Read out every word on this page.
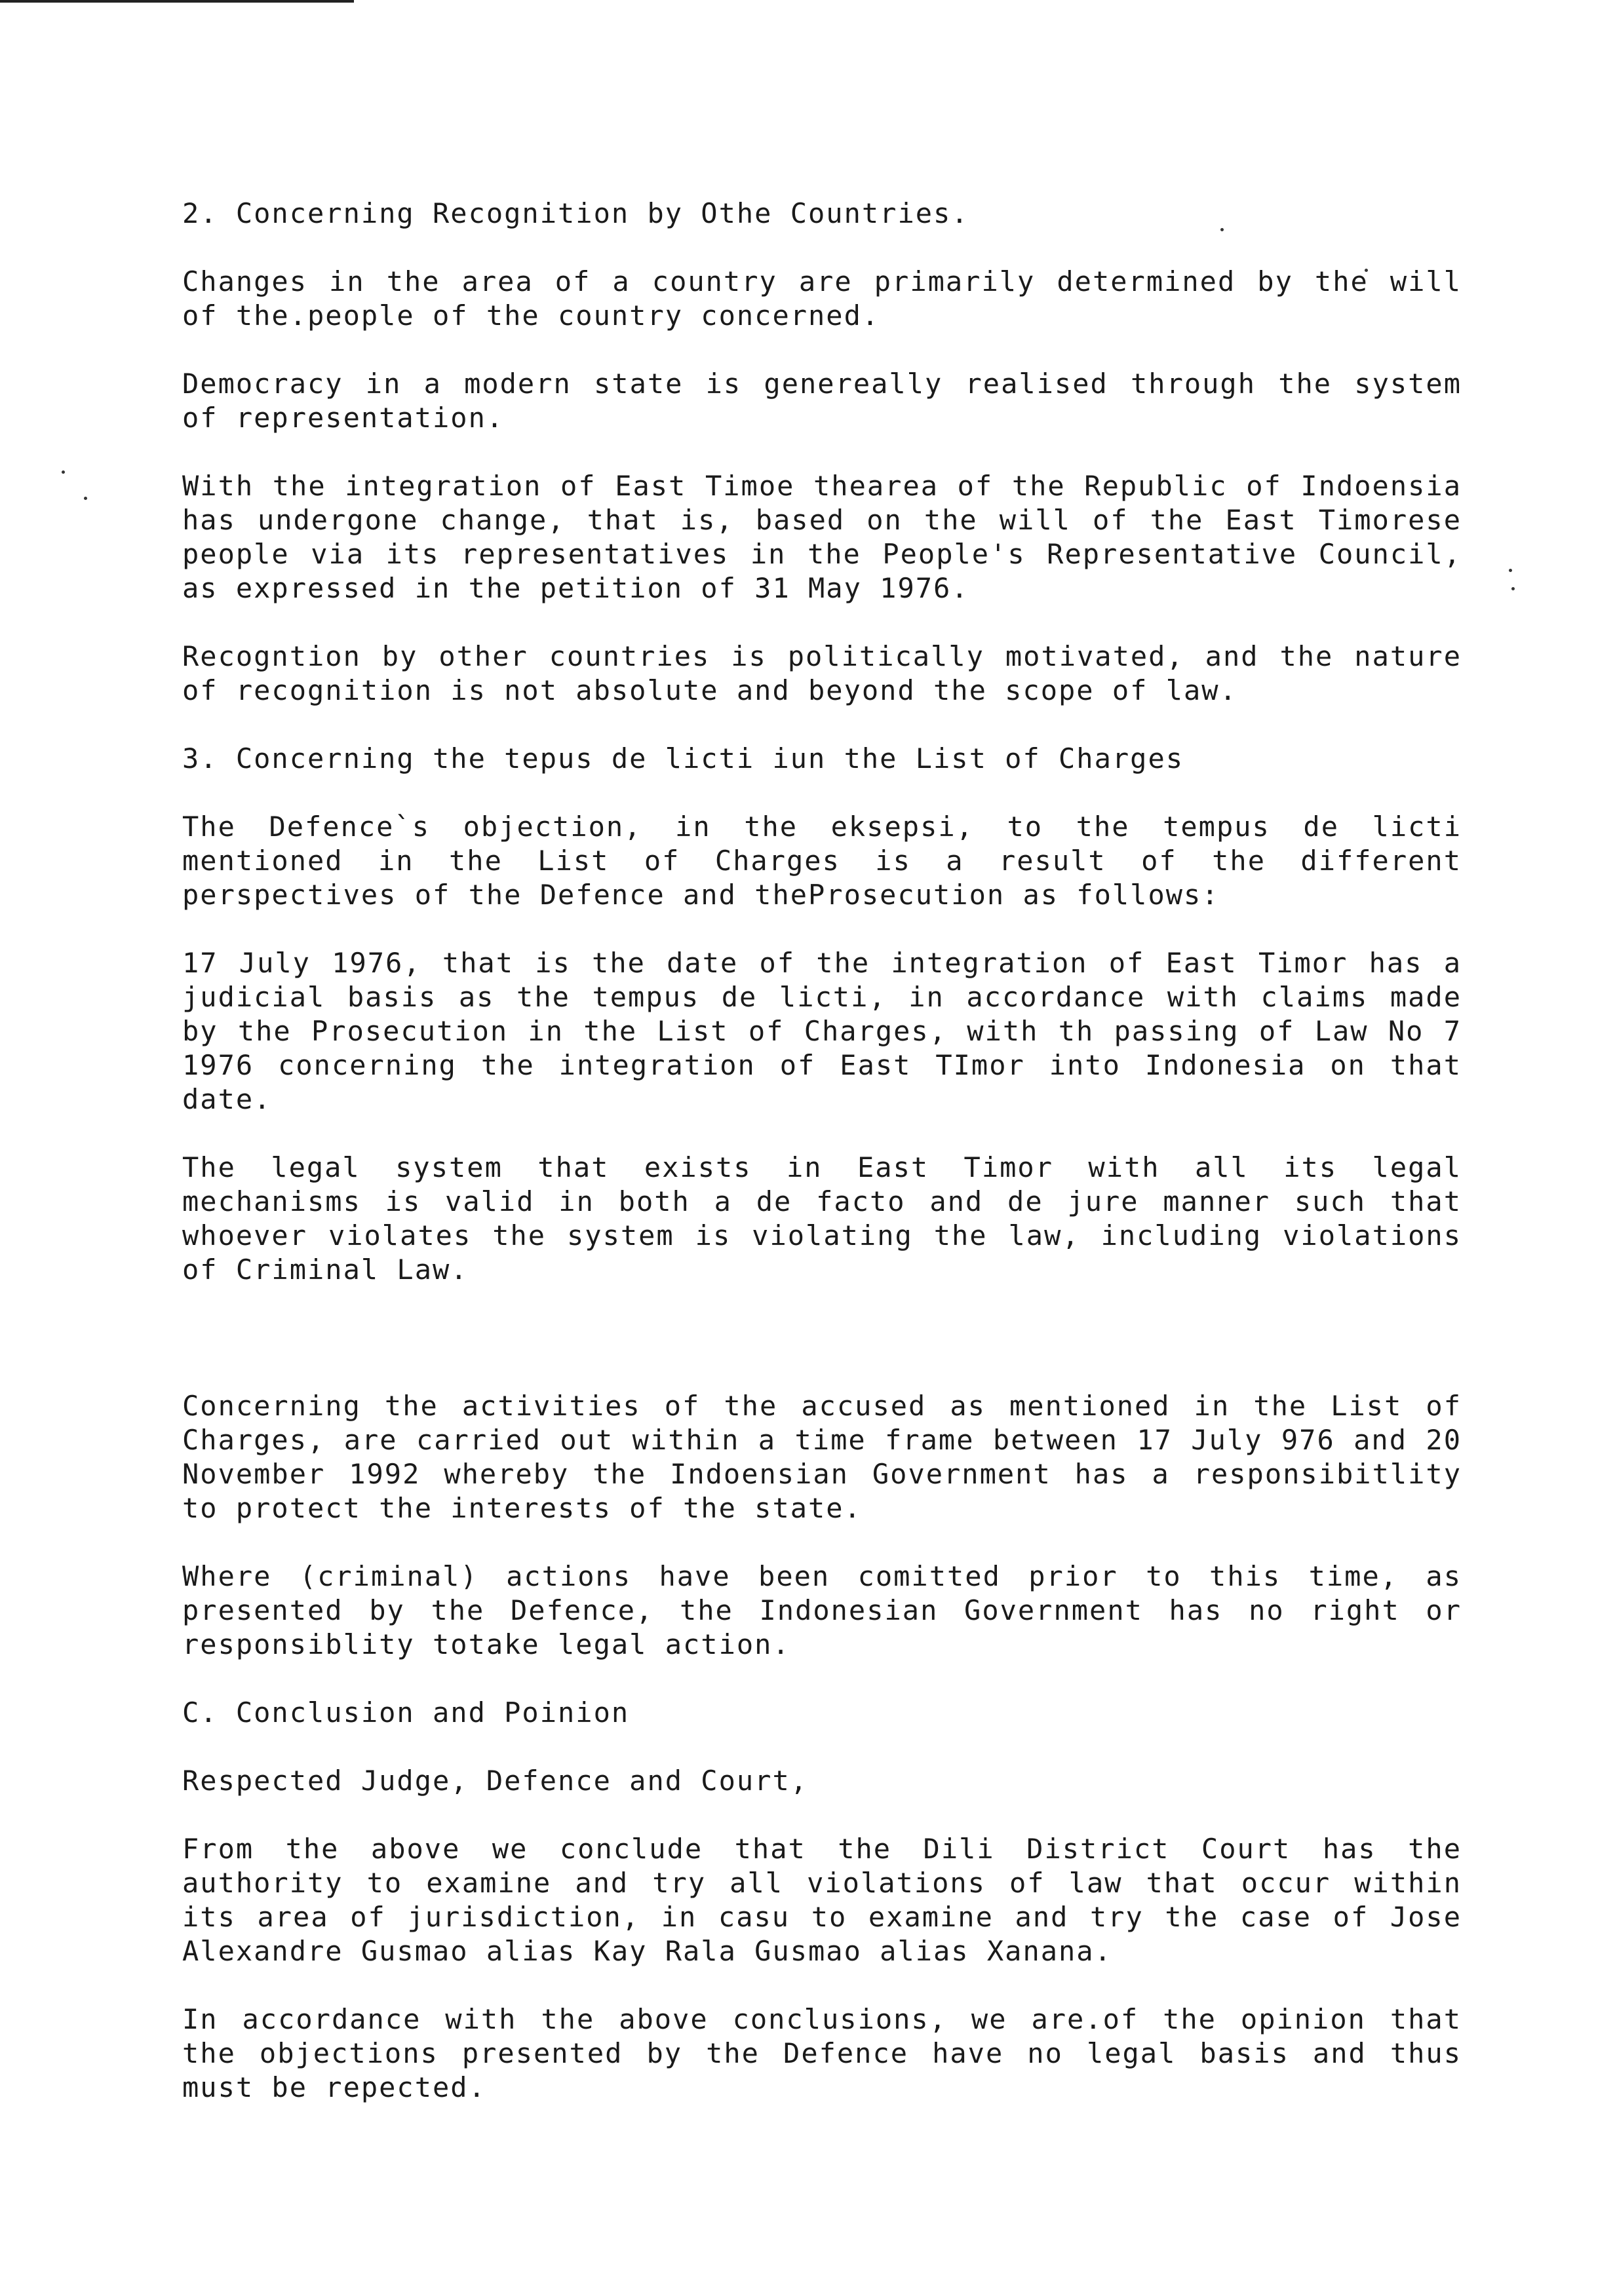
2. Concerning Recognition by Othe Countries.

Changes in the area of a country are primarily determined by the will of the.people of the country concerned.

Democracy in a modern state is genereally realised through the system of representation.

With the integration of East Timoe thearea of the Republic of Indoensia has undergone change, that is, based on the will of the East Timorese people via its representatives in the People's Representative Council, as expressed in the petition of 31 May 1976.

Recogntion by other countries is politically motivated, and the nature of recognition is not absolute and beyond the scope of law.

3. Concerning the tepus de licti iun the List of Charges

The Defence`s objection, in the eksepsi, to the tempus de licti mentioned in the List of Charges is a result of the different perspectives of the Defence and theProsecution as follows:

17 July 1976, that is the date of the integration of East Timor has a judicial basis as the tempus de licti, in accordance with claims made by the Prosecution in the List of Charges, with th passing of Law No 7 1976 concerning the integration of East TImor into Indonesia on that date.

The legal system that exists in East Timor with all its legal mechanisms is valid in both a de facto and de jure manner such that whoever violates the system is violating the law, including violations of Criminal Law.

Concerning the activities of the accused as mentioned in the List of Charges, are carried out within a time frame between 17 July 976 and 20 November 1992 whereby the Indoensian Government has a responsibitlity to protect the interests of the state.

Where (criminal) actions have been comitted prior to this time, as presented by the Defence, the Indonesian Government has no right or responsiblity totake legal action.

C. Conclusion and Poinion
Respected Judge, Defence and Court,

From the above we conclude that the Dili District Court has the authority to examine and try all violations of law that occur within its area of jurisdiction, in casu to examine and try the case of Jose Alexandre Gusmao alias Kay Rala Gusmao alias Xanana.

In accordance with the above conclusions, we are.of the opinion that the objections presented by the Defence have no legal basis and thus must be repected.
